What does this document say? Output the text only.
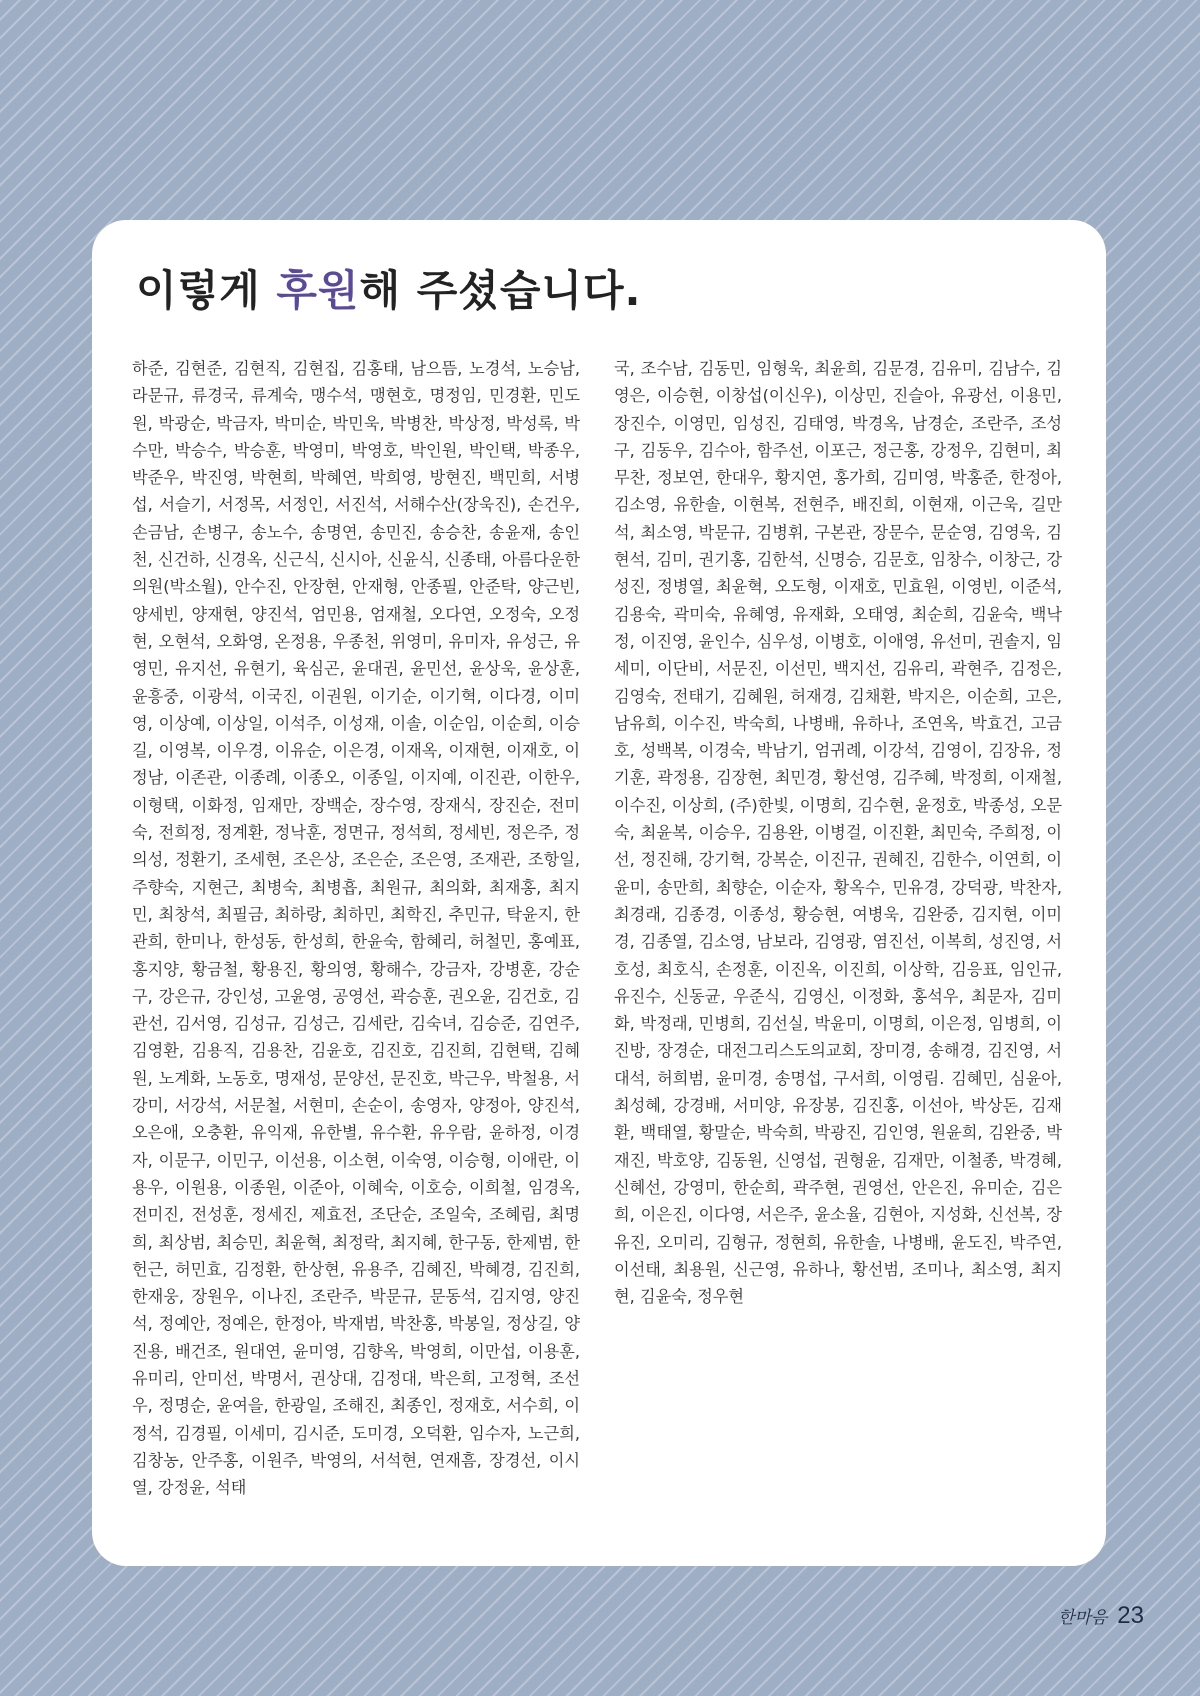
이렇게 후원해 주셨습니다.

하준, 김현준, 김현직, 김현집, 김홍태, 남으뜸, 노경석, 노승남, 라문규, 류경국, 류계숙, 맹수석, 맹현호, 명정임, 민경환, 민도원, 박광순, 박금자, 박미순, 박민욱, 박병찬, 박상정, 박성록, 박수만, 박승수, 박승훈, 박영미, 박영호, 박인원, 박인택, 박종우, 박준우, 박진영, 박현희, 박혜연, 박희영, 방현진, 백민희, 서병섭, 서슬기, 서정목, 서정인, 서진석, 서해수산(장욱진), 손건우, 손금남, 손병구, 송노수, 송명연, 송민진, 송승찬, 송윤재, 송인천, 신건하, 신경옥, 신근식, 신시아, 신윤식, 신종태, 아름다운한의원(박소월), 안수진, 안장현, 안재형, 안종필, 안준탁, 양근빈, 양세빈, 양재현, 양진석, 엄민용, 엄재철, 오다연, 오정숙, 오정현, 오현석, 오화영, 온정용, 우종천, 위영미, 유미자, 유성근, 유영민, 유지선, 유현기, 육심곤, 윤대권, 윤민선, 윤상욱, 윤상훈, 윤흥중, 이광석, 이국진, 이권원, 이기순, 이기혁, 이다경, 이미영, 이상예, 이상일, 이석주, 이성재, 이솔, 이순임, 이순희, 이승길, 이영복, 이우경, 이유순, 이은경, 이재옥, 이재현, 이재호, 이정남, 이존관, 이종례, 이종오, 이종일, 이지예, 이진관, 이한우, 이형택, 이화정, 임재만, 장백순, 장수영, 장재식, 장진순, 전미숙, 전희정, 정계환, 정낙훈, 정면규, 정석희, 정세빈, 정은주, 정의성, 정환기, 조세현, 조은상, 조은순, 조은영, 조재관, 조항일, 주향숙, 지현근, 최병숙, 최병흡, 최원규, 최의화, 최재홍, 최지민, 최창석, 최필금, 최하랑, 최하민, 최학진, 추민규, 탁윤지, 한관희, 한미나, 한성동, 한성희, 한윤숙, 함혜리, 허철민, 홍예표, 홍지양, 황금철, 황용진, 황의영, 황해수, 강금자, 강병훈, 강순구, 강은규, 강인성, 고윤영, 공영선, 곽승훈, 권오윤, 김건호, 김관선, 김서영, 김성규, 김성근, 김세란, 김숙녀, 김승준, 김연주, 김영환, 김용직, 김용찬, 김윤호, 김진호, 김진희, 김현택, 김혜원, 노계화, 노동호, 명재성, 문양선, 문진호, 박근우, 박철용, 서강미, 서강석, 서문철, 서현미, 손순이, 송영자, 양정아, 양진석, 오은애, 오충환, 유익재, 유한별, 유수환, 유우람, 윤하정, 이경자, 이문구, 이민구, 이선용, 이소현, 이숙영, 이승형, 이애란, 이용우, 이원용, 이종원, 이준아, 이혜숙, 이호승, 이희철, 임경옥, 전미진, 전성훈, 정세진, 제효전, 조단순, 조일숙, 조혜림, 최명희, 최상범, 최승민, 최윤혁, 최정락, 최지혜, 한구동, 한제범, 한헌근, 허민효, 김정환, 한상현, 유용주, 김혜진, 박혜경, 김진희, 한재웅, 장원우, 이나진, 조란주, 박문규, 문동석, 김지영, 양진석, 정예안, 정예은, 한정아, 박재범, 박찬홍, 박봉일, 정상길, 양진용, 배건조, 원대연, 윤미영, 김향옥, 박영희, 이만섭, 이용훈, 유미리, 안미선, 박명서, 권상대, 김정대, 박은희, 고정혁, 조선우, 정명순, 윤여을, 한광일, 조해진, 최종인, 정재호, 서수희, 이정석, 김경필, 이세미, 김시준, 도미경, 오덕환, 임수자, 노근희, 김창농, 안주홍, 이원주, 박영의, 서석현, 연재흠, 장경선, 이시열, 강정윤, 석태

국, 조수남, 김동민, 임형욱, 최윤희, 김문경, 김유미, 김남수, 김영은, 이승현, 이창섭(이신우), 이상민, 진슬아, 유광선, 이용민, 장진수, 이영민, 임성진, 김태영, 박경옥, 남경순, 조란주, 조성구, 김동우, 김수아, 함주선, 이포근, 정근홍, 강정우, 김현미, 최무찬, 정보연, 한대우, 황지연, 홍가희, 김미영, 박홍준, 한정아, 김소영, 유한솔, 이현복, 전현주, 배진희, 이현재, 이근욱, 길만석, 최소영, 박문규, 김병휘, 구본관, 장문수, 문순영, 김영욱, 김현석, 김미, 권기홍, 김한석, 신명승, 김문호, 임창수, 이창근, 강성진, 정병열, 최윤혁, 오도형, 이재호, 민효원, 이영빈, 이준석, 김용숙, 곽미숙, 유혜영, 유재화, 오태영, 최순희, 김윤숙, 백낙정, 이진영, 윤인수, 심우성, 이병호, 이애영, 유선미, 권솔지, 임세미, 이단비, 서문진, 이선민, 백지선, 김유리, 곽현주, 김정은, 김영숙, 전태기, 김혜원, 허재경, 김채환, 박지은, 이순희, 고은, 남유희, 이수진, 박숙희, 나병배, 유하나, 조연옥, 박효건, 고금호, 성백복, 이경숙, 박남기, 엄귀례, 이강석, 김영이, 김장유, 정기훈, 곽정용, 김장현, 최민경, 황선영, 김주혜, 박정희, 이재철, 이수진, 이상희, (주)한빛, 이명희, 김수현, 윤정호, 박종성, 오문숙, 최윤복, 이승우, 김용완, 이병걸, 이진환, 최민숙, 주희정, 이선, 정진해, 강기혁, 강복순, 이진규, 권혜진, 김한수, 이연희, 이윤미, 송만희, 최향순, 이순자, 황옥수, 민유경, 강덕광, 박찬자, 최경래, 김종경, 이종성, 황승현, 여병욱, 김완중, 김지현, 이미경, 김종열, 김소영, 남보라, 김영광, 염진선, 이복희, 성진영, 서호성, 최호식, 손정훈, 이진옥, 이진희, 이상학, 김응표, 임인규, 유진수, 신동균, 우준식, 김영신, 이정화, 홍석우, 최문자, 김미화, 박정래, 민병희, 김선실, 박윤미, 이명희, 이은정, 임병희, 이진방, 장경순, 대전그리스도의교회, 장미경, 송해경, 김진영, 서대석, 허희범, 윤미경, 송명섭, 구서희, 이영림. 김혜민, 심윤아, 최성혜, 강경배, 서미양, 유장봉, 김진홍, 이선아, 박상돈, 김재환, 백태열, 황말순, 박숙희, 박광진, 김인영, 원윤희, 김완중, 박재진, 박호양, 김동원, 신영섭, 권형윤, 김재만, 이철종, 박경혜, 신혜선, 강영미, 한순희, 곽주현, 권영선, 안은진, 유미순, 김은희, 이은진, 이다영, 서은주, 윤소율, 김현아, 지성화, 신선복, 장유진, 오미리, 김형규, 정현희, 유한솔, 나병배, 윤도진, 박주연, 이선태, 최용원, 신근영, 유하나, 황선범, 조미나, 최소영, 최지현, 김윤숙, 정우현

한마음 23
